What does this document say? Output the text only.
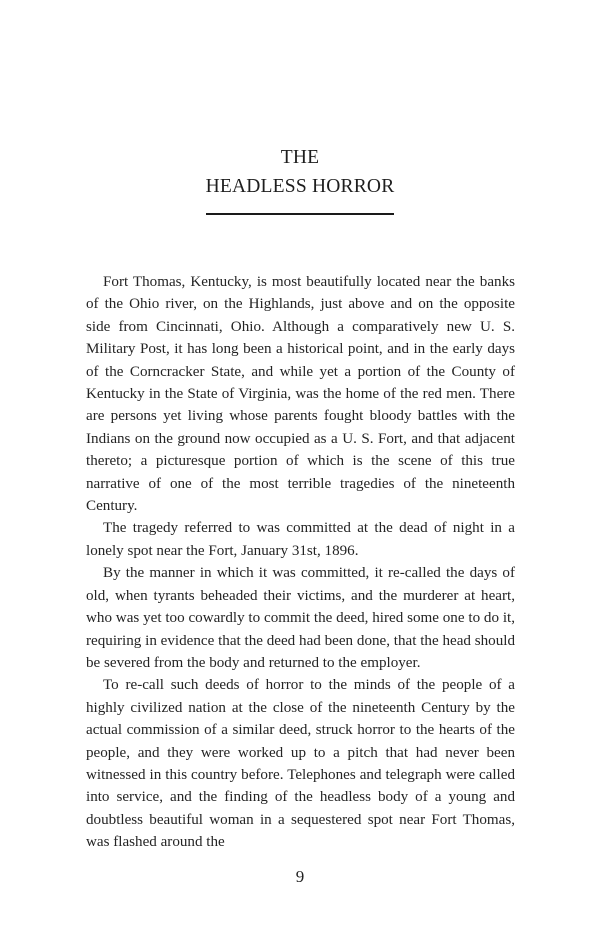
THE
HEADLESS HORROR

Fort Thomas, Kentucky, is most beautifully located near the banks of the Ohio river, on the Highlands, just above and on the opposite side from Cincinnati, Ohio. Although a comparatively new U. S. Military Post, it has long been a historical point, and in the early days of the Corncracker State, and while yet a portion of the County of Kentucky in the State of Virginia, was the home of the red men. There are persons yet living whose parents fought bloody battles with the Indians on the ground now occupied as a U. S. Fort, and that adjacent thereto; a picturesque portion of which is the scene of this true narrative of one of the most terrible tragedies of the nineteenth Century.

The tragedy referred to was committed at the dead of night in a lonely spot near the Fort, January 31st, 1896.

By the manner in which it was committed, it re-called the days of old, when tyrants beheaded their victims, and the murderer at heart, who was yet too cowardly to commit the deed, hired some one to do it, requiring in evidence that the deed had been done, that the head should be severed from the body and returned to the employer.

To re-call such deeds of horror to the minds of the people of a highly civilized nation at the close of the nineteenth Century by the actual commission of a similar deed, struck horror to the hearts of the people, and they were worked up to a pitch that had never been witnessed in this country before. Telephones and telegraph were called into service, and the finding of the headless body of a young and doubtless beautiful woman in a sequestered spot near Fort Thomas, was flashed around the

9
